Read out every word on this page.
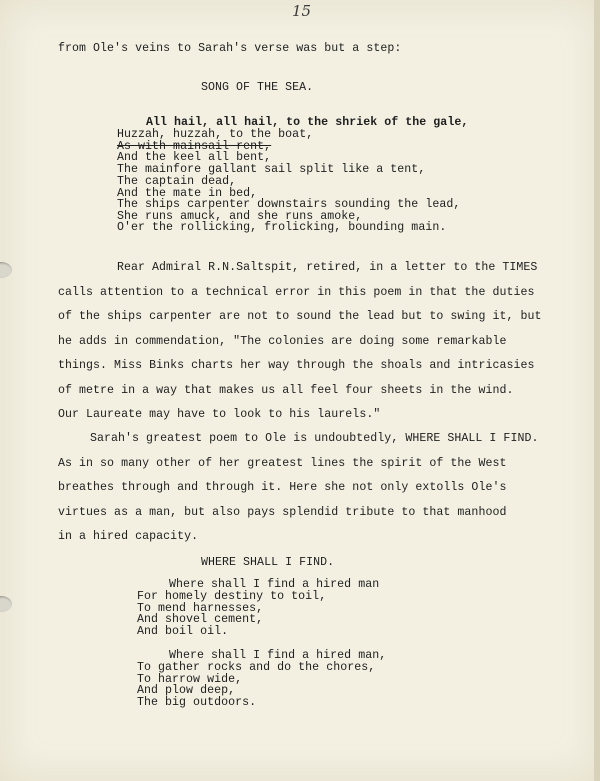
15
from Ole's veins to Sarah's verse was but a step:
SONG OF THE SEA.
All hail, all hail, to the shriek of the gale,
Huzzah, huzzah, to the boat,
As with mainsail rent,
And the keel all bent,
The mainfore gallant sail split like a tent,
The captain dead,
And the mate in bed,
The ships carpenter downstairs sounding the lead,
She runs amuck, and she runs amoke,
O'er the rollicking, frolicking, bounding main.
Rear Admiral R.N.Saltspit, retired, in a letter to the TIMES
calls attention to a technical error in this poem in that the duties
of the ships carpenter are not to sound the lead but to swing it, but
he adds in commendation, "The colonies are doing some remarkable
things. Miss Binks charts her way through the shoals and intricasies
of metre in a way that makes us all feel four sheets in the wind.
Our Laureate may have to look to his laurels."
Sarah's greatest poem to Ole is undoubtedly, WHERE SHALL I FIND.
As in so many other of her greatest lines the spirit of the West
breathes through and through it. Here she not only extolls Ole's
virtues as a man, but also pays splendid tribute to that manhood
in a hired capacity.
WHERE SHALL I FIND.
Where shall I find a hired man
For homely destiny to toil,
To mend harnesses,
And shovel cement,
And boil oil.
Where shall I find a hired man,
To gather rocks and do the chores,
To harrow wide,
And plow deep,
The big outdoors.
